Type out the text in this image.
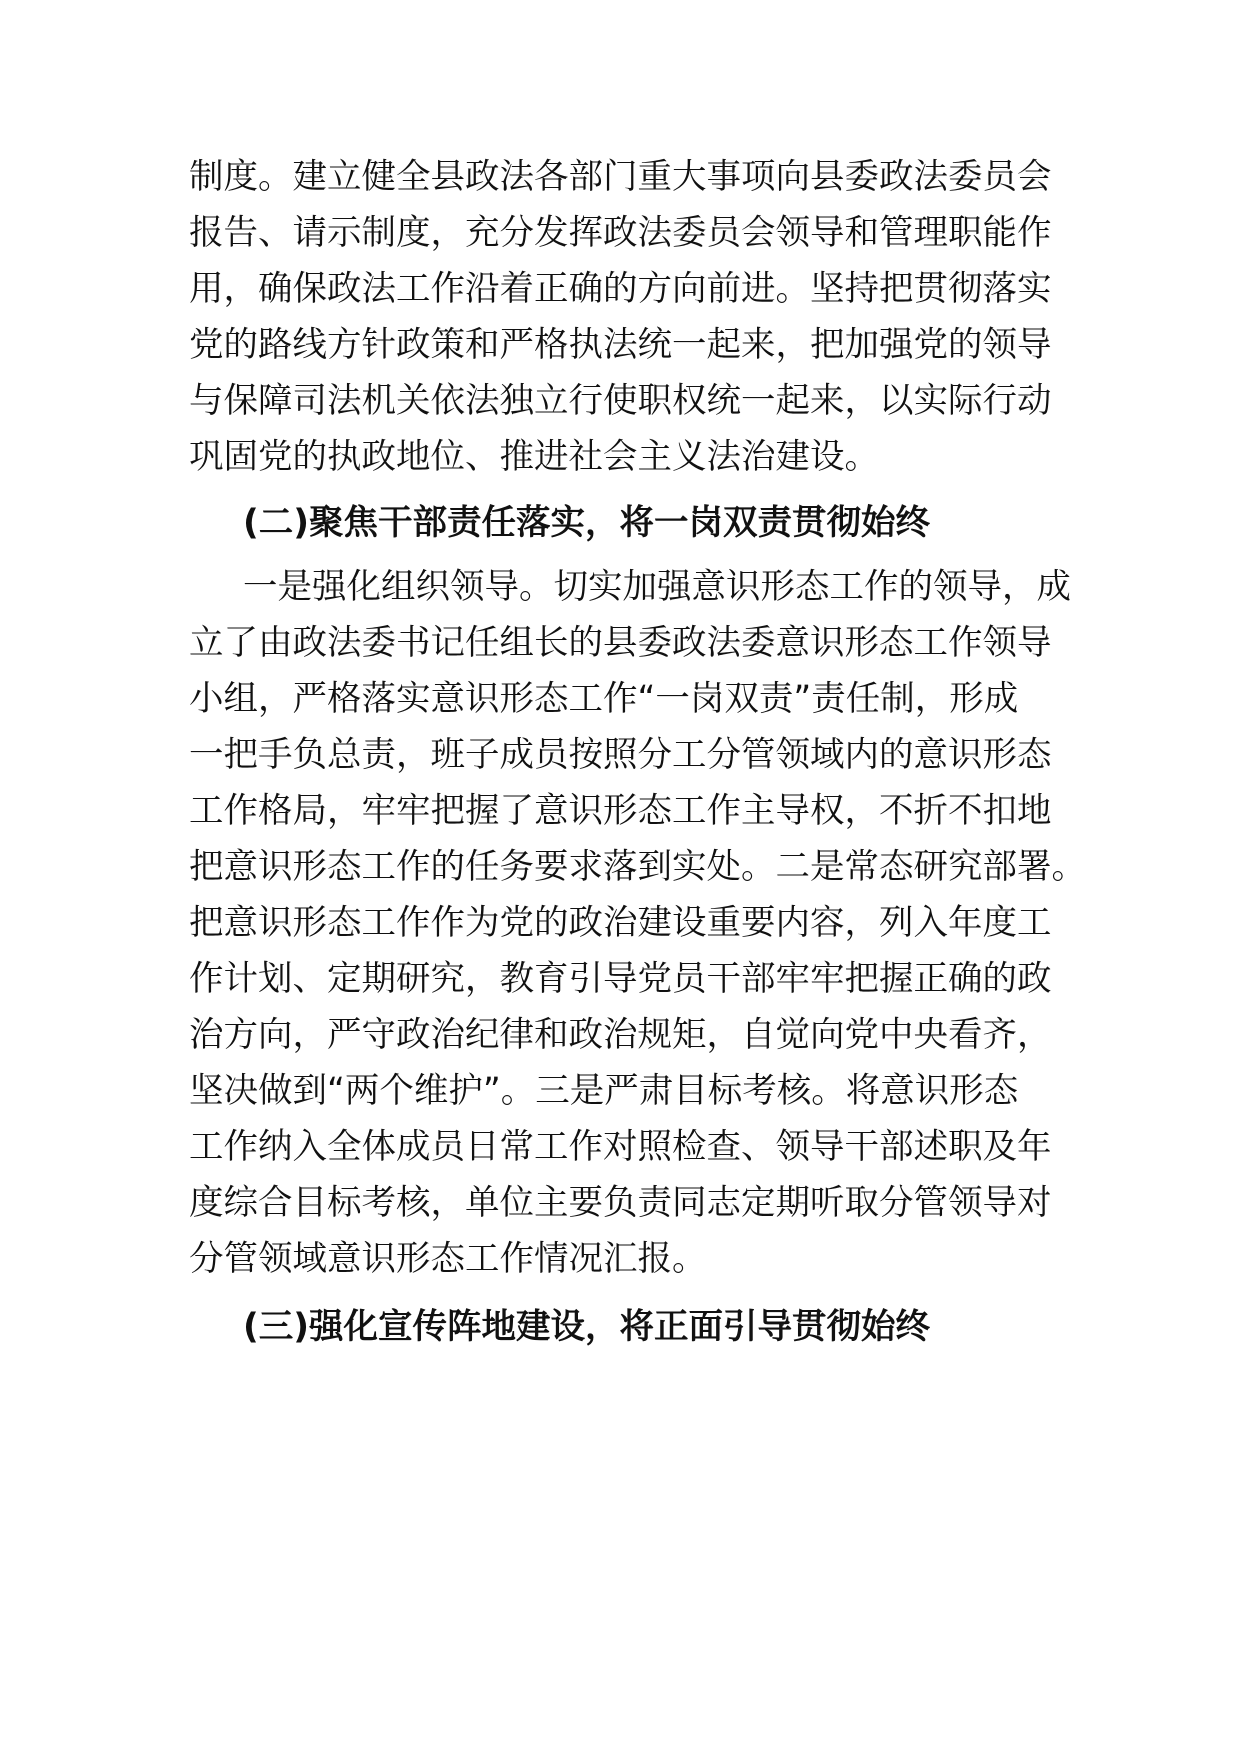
制度。建立健全县政法各部门重大事项向县委政法委员会
报告、请示制度，充分发挥政法委员会领导和管理职能作
用，确保政法工作沿着正确的方向前进。坚持把贯彻落实
党的路线方针政策和严格执法统一起来，把加强党的领导
与保障司法机关依法独立行使职权统一起来，以实际行动
巩固党的执政地位、推进社会主义法治建设。
(二)聚焦干部责任落实，将一岗双责贯彻始终
一是强化组织领导。切实加强意识形态工作的领导，成
立了由政法委书记任组长的县委政法委意识形态工作领导
小组，严格落实意识形态工作“一岗双责”责任制，形成
一把手负总责，班子成员按照分工分管领域内的意识形态
工作格局，牢牢把握了意识形态工作主导权，不折不扣地
把意识形态工作的任务要求落到实处。二是常态研究部署。
把意识形态工作作为党的政治建设重要内容，列入年度工
作计划、定期研究，教育引导党员干部牢牢把握正确的政
治方向，严守政治纪律和政治规矩，自觉向党中央看齐，
坚决做到“两个维护”。三是严肃目标考核。将意识形态
工作纳入全体成员日常工作对照检查、领导干部述职及年
度综合目标考核，单位主要负责同志定期听取分管领导对
分管领域意识形态工作情况汇报。
(三)强化宣传阵地建设，将正面引导贯彻始终
